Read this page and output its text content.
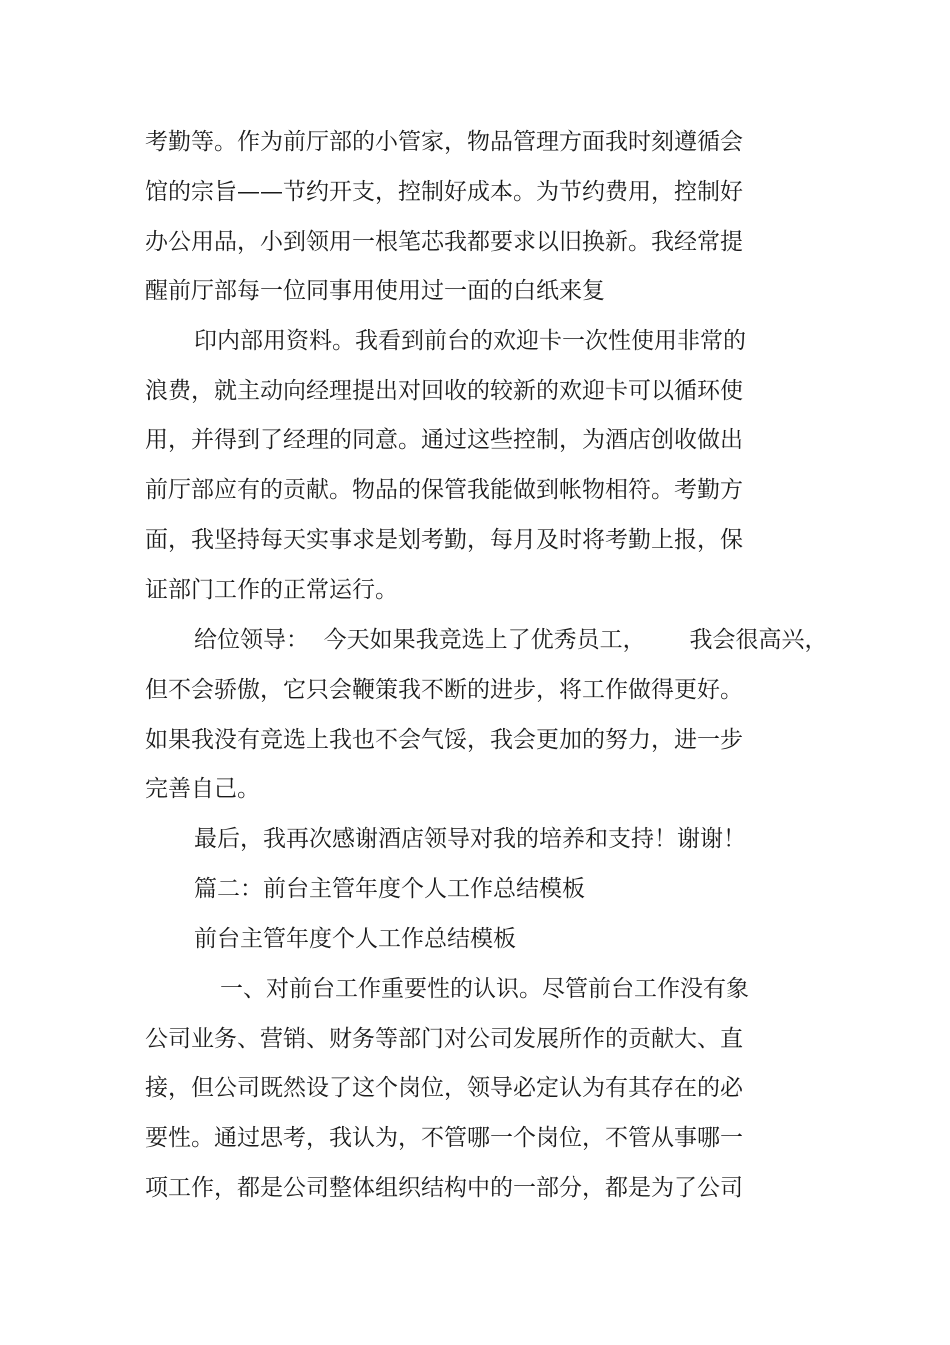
考勤等。作为前厅部的小管家，物品管理方面我时刻遵循会

馆的宗旨——节约开支，控制好成本。为节约费用，控制好

办公用品，小到领用一根笔芯我都要求以旧换新。我经常提

醒前厅部每一位同事用使用过一面的白纸来复

印内部用资料。我看到前台的欢迎卡一次性使用非常的

浪费，就主动向经理提出对回收的较新的欢迎卡可以循环使

用，并得到了经理的同意。通过这些控制，为酒店创收做出

前厅部应有的贡献。物品的保管我能做到帐物相符。考勤方

面，我坚持每天实事求是划考勤，每月及时将考勤上报，保

证部门工作的正常运行。

给位领导：  今天如果我竞选上了优秀员工，      我会很高兴，

但不会骄傲，它只会鞭策我不断的进步，将工作做得更好。

如果我没有竞选上我也不会气馁，我会更加的努力，进一步

完善自己。

最后，我再次感谢酒店领导对我的培养和支持！谢谢！

篇二：前台主管年度个人工作总结模板

前台主管年度个人工作总结模板

一、对前台工作重要性的认识。尽管前台工作没有象

公司业务、营销、财务等部门对公司发展所作的贡献大、直

接，但公司既然设了这个岗位，领导必定认为有其存在的必

要性。通过思考，我认为，不管哪一个岗位，不管从事哪一

项工作，都是公司整体组织结构中的一部分，都是为了公司
